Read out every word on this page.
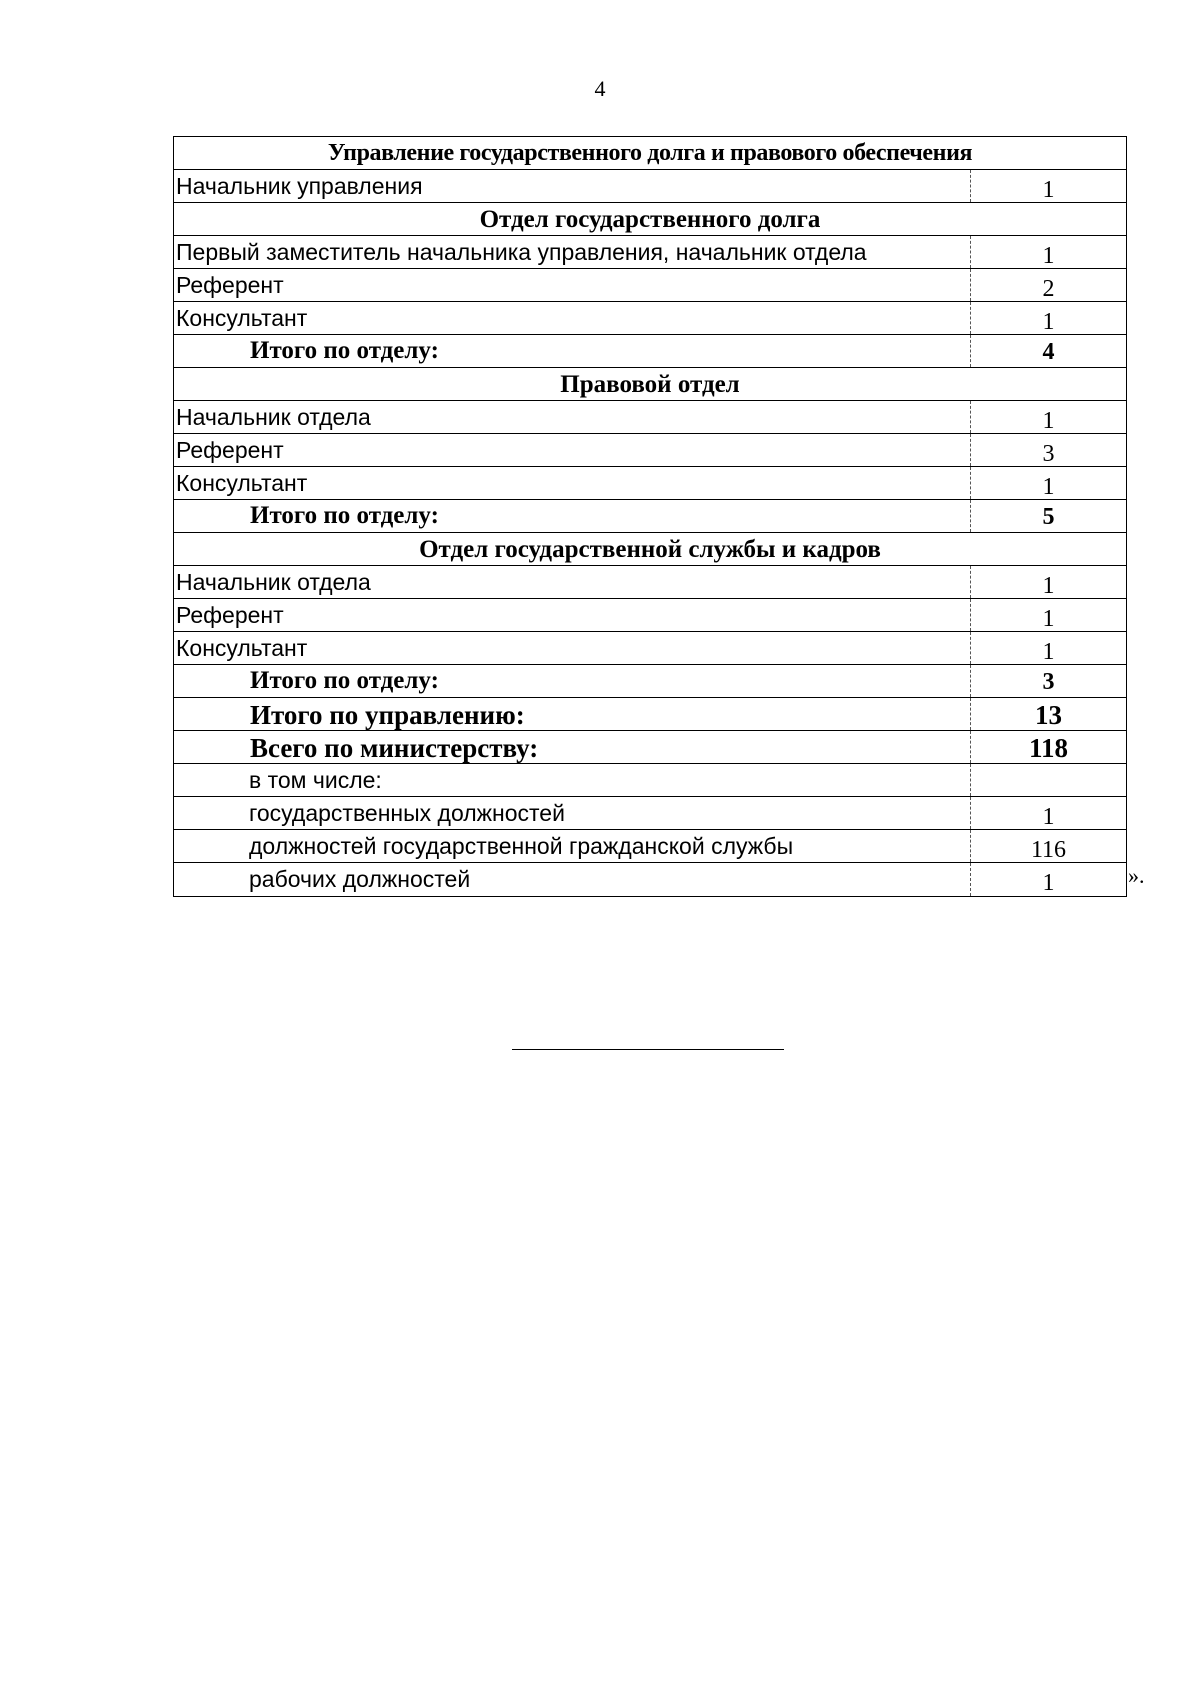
4
Управление государственного долга и правового обеспечения
Начальник управления	1
Отдел государственного долга
Первый заместитель начальника управления, начальник отдела	1
Референт	2
Консультант	1
Итого по отделу:	4
Правовой отдел
Начальник отдела	1
Референт	3
Консультант	1
Итого по отделу:	5
Отдел государственной службы и кадров
Начальник отдела	1
Референт	1
Консультант	1
Итого по отделу:	3
Итого по управлению:	13
Всего по министерству:	118
в том числе:
государственных должностей	1
должностей государственной гражданской службы	116
рабочих должностей	1	».
